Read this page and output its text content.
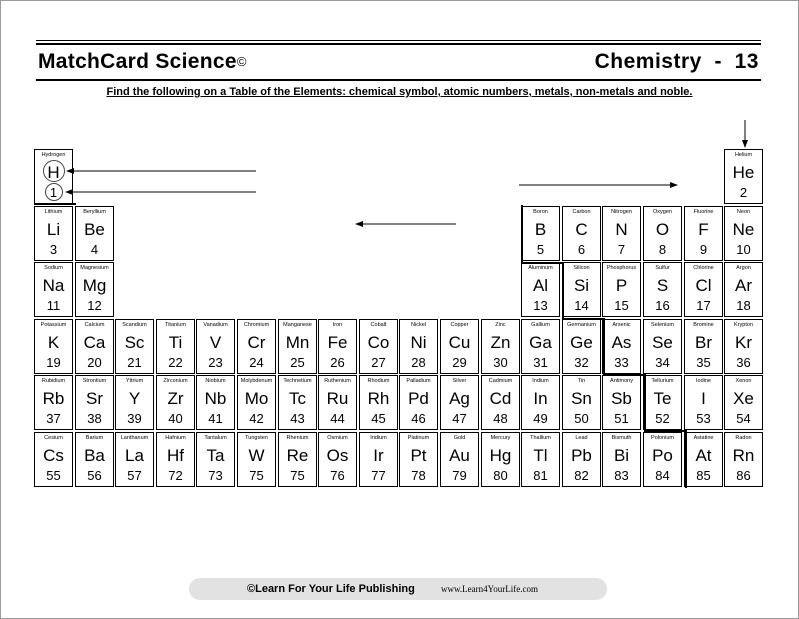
MatchCard Science©	Chemistry  -  13
Find the following on a Table of the Elements: chemical symbol, atomic numbers, metals, non-metals and noble.
Hydrogen
H
1
Helium
He
2
Lithium
Li
3
Beryllium
Be
4
Boron
B
5
Carbon
C
6
Nitrogen
N
7
Oxygen
O
8
Fluorine
F
9
Neon
Ne
10
Sodium
Na
11
Magnesium
Mg
12
Aluminum
Al
13
Silicon
Si
14
Phosphorus
P
15
Sulfur
S
16
Chlorine
Cl
17
Argon
Ar
18
Potassium
K
19
Calcium
Ca
20
Scandium
Sc
21
Titanium
Ti
22
Vanadium
V
23
Chromium
Cr
24
Manganese
Mn
25
Iron
Fe
26
Cobalt
Co
27
Nickel
Ni
28
Copper
Cu
29
Zinc
Zn
30
Gallium
Ga
31
Germanium
Ge
32
Arsenic
As
33
Selenium
Se
34
Bromine
Br
35
Krypton
Kr
36
Rubidium
Rb
37
Strontium
Sr
38
Yttrium
Y
39
Zirconium
Zr
40
Niobium
Nb
41
Molybdenum
Mo
42
Technetium
Tc
43
Ruthenium
Ru
44
Rhodium
Rh
45
Palladium
Pd
46
Silver
Ag
47
Cadmium
Cd
48
Indium
In
49
Tin
Sn
50
Antimony
Sb
51
Tellurium
Te
52
Iodine
I
53
Xenon
Xe
54
Cesium
Cs
55
Barium
Ba
56
Lanthanum
La
57
Hafnium
Hf
72
Tantalum
Ta
73
Tungsten
W
75
Rhenium
Re
75
Osmium
Os
76
Iridium
Ir
77
Platinum
Pt
78
Gold
Au
79
Mercury
Hg
80
Thallium
Tl
81
Lead
Pb
82
Bismuth
Bi
83
Polonium
Po
84
Astatine
At
85
Radon
Rn
86
©Learn For Your Life Publishing	www.Learn4YourLife.com
